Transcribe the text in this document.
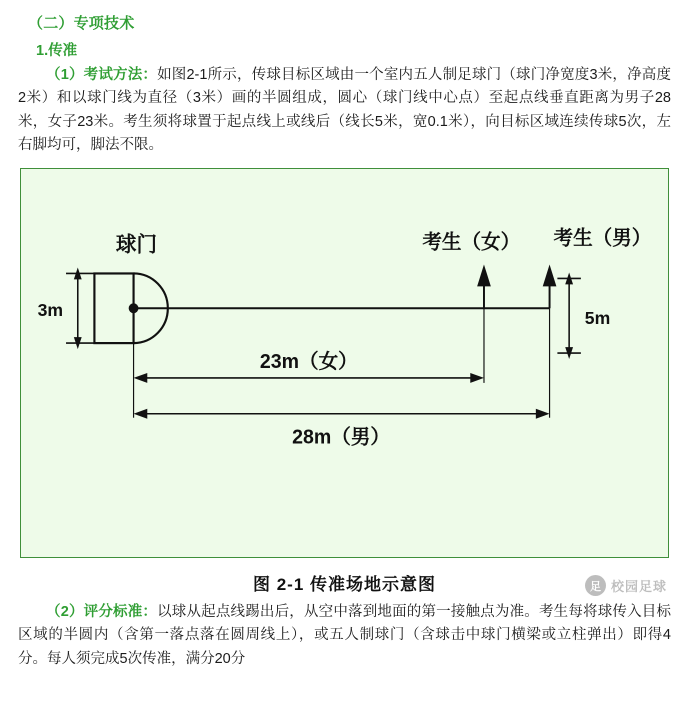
（二）专项技术
1.传准

（1）考试方法：如图2-1所示，传球目标区域由一个室内五人制足球门（球门净宽度3米，净高度2米）和以球门线为直径（3米）画的半圆组成，圆心（球门线中心点）至起点线垂直距离为男子28米，女子23米。考生须将球置于起点线上或线后（线长5米，宽0.1米），向目标区域连续传球5次，左右脚均可，脚法不限。

球门	考生（女） 考生（男）
3m	5m
23m（女）
28m（男）
图 2-1 传准场地示意图	足 校园足球

（2）评分标准：以球从起点线踢出后，从空中落到地面的第一接触点为准。考生每将球传入目标区域的半圆内（含第一落点落在圆周线上），或五人制球门（含球击中球门横梁或立柱弹出）即得4分。每人须完成5次传准，满分20分
